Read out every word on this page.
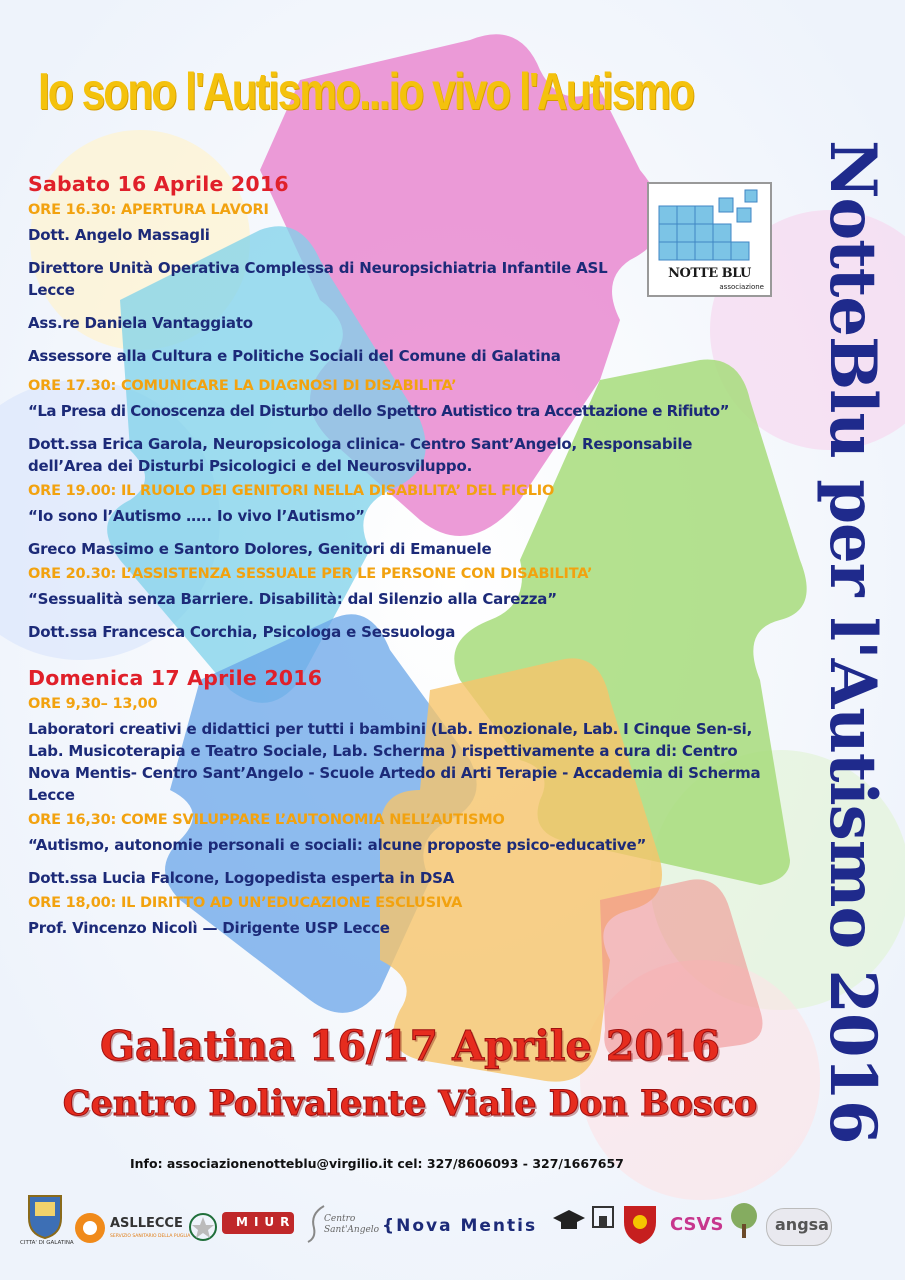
Io sono l'Autismo...io vivo l'Autismo
NotteBlu per l'Autismo 2016
NOTTE BLU
associazione
Sabato 16 Aprile 2016
ORE 16.30: APERTURA LAVORI
Dott. Angelo Massagli
Direttore Unità Operativa Complessa di Neuropsichiatria Infantile ASL Lecce
Ass.re Daniela Vantaggiato
Assessore alla Cultura e Politiche Sociali del Comune di Galatina
ORE 17.30: COMUNICARE LA DIAGNOSI DI DISABILITA’
“La Presa di Conoscenza del Disturbo dello Spettro Autistico tra Accettazione e Rifiuto”
Dott.ssa Erica Garola, Neuropsicologa clinica- Centro Sant’Angelo, Responsabile dell’Area dei Disturbi Psicologici e del Neurosviluppo.
ORE 19.00: IL RUOLO DEI GENITORI NELLA DISABILITA’ DEL FIGLIO
“Io sono l’Autismo ….. Io vivo l’Autismo”
Greco Massimo e Santoro Dolores, Genitori di Emanuele
ORE 20.30: L’ASSISTENZA SESSUALE PER LE PERSONE CON DISABILITA’
“Sessualità senza Barriere. Disabilità: dal Silenzio alla Carezza”
Dott.ssa Francesca Corchia, Psicologa e Sessuologa
Domenica 17 Aprile 2016
ORE 9,30– 13,00
Laboratori creativi e didattici per tutti i bambini (Lab. Emozionale, Lab. I Cinque Sen-si, Lab. Musicoterapia e Teatro Sociale, Lab. Scherma ) rispettivamente a cura di: Centro Nova Mentis- Centro Sant’Angelo - Scuole Artedo di Arti Terapie - Accademia di Scherma Lecce
ORE 16,30: COME SVILUPPARE L’AUTONOMIA NELL’AUTISMO
“Autismo, autonomie personali e sociali: alcune proposte psico-educative”
Dott.ssa Lucia Falcone, Logopedista esperta in DSA
ORE 18,00: IL DIRITTO AD UN’EDUCAZIONE ESCLUSIVA
Prof. Vincenzo Nicolì — Dirigente USP Lecce
Galatina 16/17 Aprile 2016
Centro Polivalente Viale Don Bosco
Info: associazionenotteblu@virgilio.it cel: 327/8606093 - 327/1667657
CITTA' DI GALATINA
ASLLECCE
SERVIZIO SANITARIO DELLA PUGLIA
MIUR	Centro Sant'Angelo {Nova Mentis	CSVS	angsa
